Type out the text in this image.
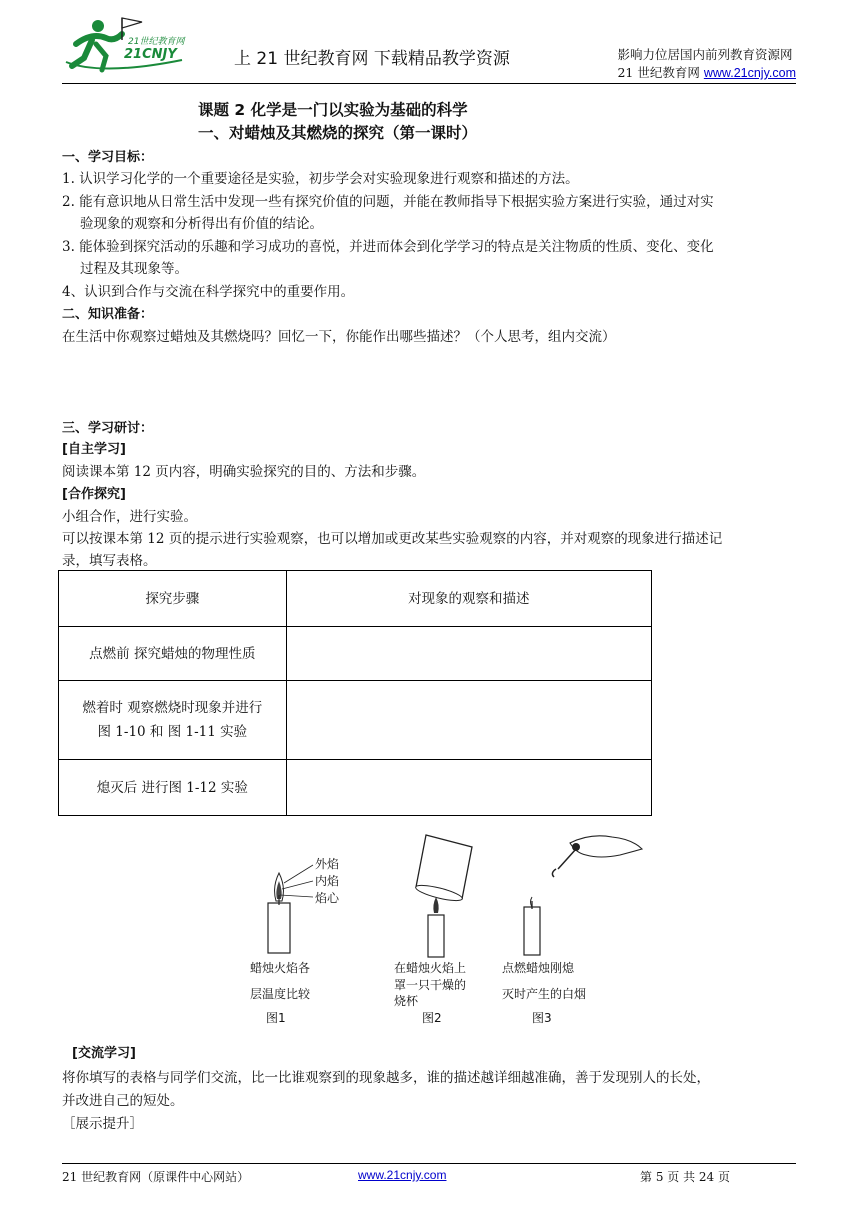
21世纪教育网
21CNJY	上 21 世纪教育网 下载精品教学资源	影响力位居国内前列教育资源网
21 世纪教育网 www.21cnjy.com
课题 2 化学是一门以实验为基础的科学
一、对蜡烛及其燃烧的探究（第一课时）
一、学习目标：
1. 认识学习化学的一个重要途径是实验，初步学会对实验现象进行观察和描述的方法。
2. 能有意识地从日常生活中发现一些有探究价值的问题，并能在教师指导下根据实验方案进行实验，通过对实
验现象的观察和分析得出有价值的结论。
3. 能体验到探究活动的乐趣和学习成功的喜悦，并进而体会到化学学习的特点是关注物质的性质、变化、变化
过程及其现象等。
4、认识到合作与交流在科学探究中的重要作用。
二、知识准备：
在生活中你观察过蜡烛及其燃烧吗？回忆一下，你能作出哪些描述？（个人思考，组内交流）
三、学习研讨：
[自主学习]
阅读课本第 12 页内容，明确实验探究的目的、方法和步骤。
[合作探究]
小组合作，进行实验。
可以按课本第 12 页的提示进行实验观察，也可以增加或更改某些实验观察的内容，并对观察的现象进行描述记
录，填写表格。
探究步骤	对现象的观察和描述
点燃前 探究蜡烛的物理性质	

燃着时 观察燃烧时现象并进行
图 1-10 和 图 1-11 实验	

熄灭后 进行图 1-12 实验	
外焰
内焰
焰心
蜡烛火焰各
层温度比较
图1
在蜡烛火焰上
罩一只干燥的
烧杯
图2
点燃蜡烛刚熄
灭时产生的白烟
图3
[交流学习]
将你填写的表格与同学们交流，比一比谁观察到的现象越多，谁的描述越详细越准确，善于发现别人的长处，
并改进自己的短处。
［展示提升］
21 世纪教育网（原课件中心网站）	www.21cnjy.com	第 5 页 共 24 页
